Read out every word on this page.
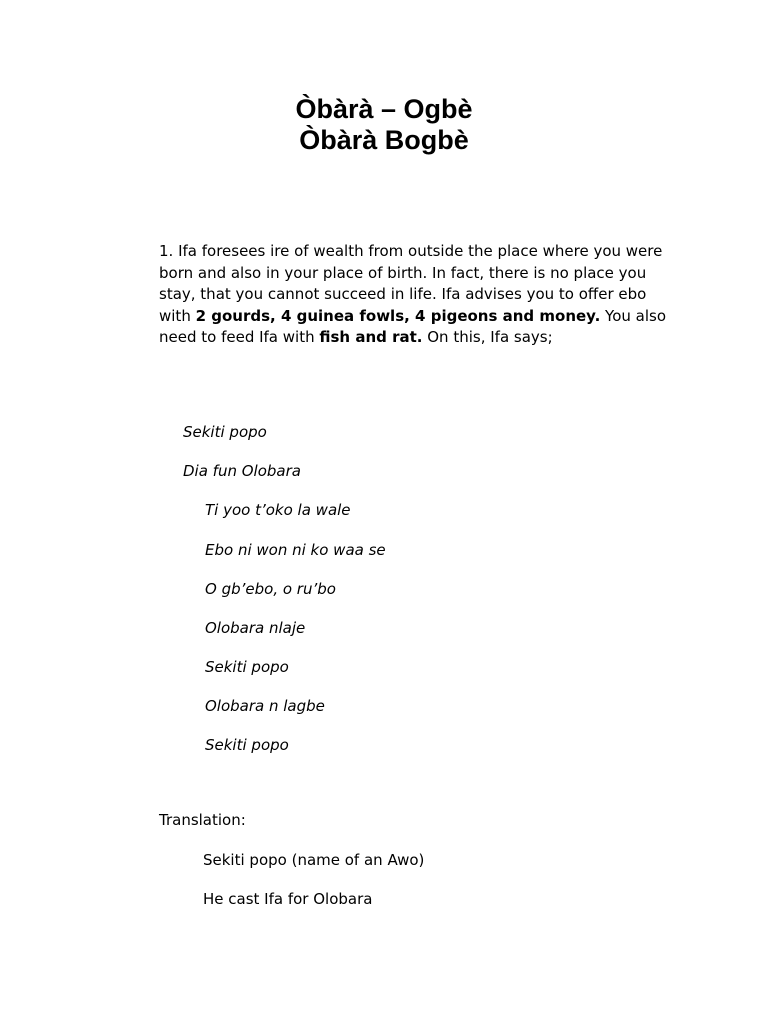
Òbàrà – Ogbè
Òbàrà Bogbè

1. Ifa foresees ire of wealth from outside the place where you were born and also in your place of birth. In fact, there is no place you stay, that you cannot succeed in life. Ifa advises you to offer ebo with 2 gourds, 4 guinea fowls, 4 pigeons and money. You also need to feed Ifa with fish and rat. On this, Ifa says;

Sekiti popo

Dia fun Olobara

Ti yoo t’oko la wale

Ebo ni won ni ko waa se

O gb’ebo, o ru’bo

Olobara nlaje

Sekiti popo

Olobara n lagbe

Sekiti popo

Translation:

Sekiti popo (name of an Awo)

He cast Ifa for Olobara
